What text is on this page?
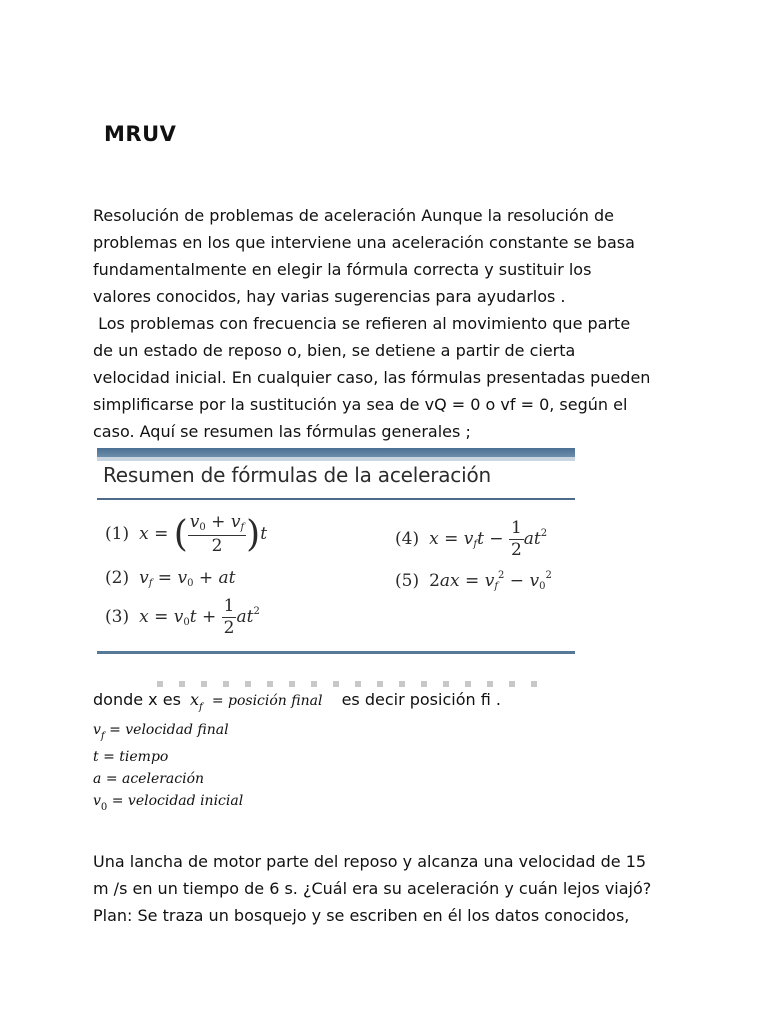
MRUV
Resolución de problemas de aceleración Aunque la resolución de
problemas en los que interviene una aceleración constante se basa
fundamentalmente en elegir la fórmula correcta y sustituir los
valores conocidos, hay varias sugerencias para ayudarlos .
Los problemas con frecuencia se refieren al movimiento que parte
de un estado de reposo o, bien, se detiene a partir de cierta
velocidad inicial. En cualquier caso, las fórmulas presentadas pueden
simplificarse por la sustitución ya sea de vQ = 0 o vf = 0, según el
caso. Aquí se resumen las fórmulas generales ;
Resumen de fórmulas de la aceleración
(1) x = ( $\frac{v_0 + v_f}{2} )t$
(2) $v_f = v_0$ + at
(3) $x = v_0t + \frac{1}{2} at^2$
(4) $x = v_ft - \frac{1}{2} at^2$
(5) $2ax = v_f^2 - v_0^2$
donde x es $x_f$ = posición final es decir posición fi .
$v_f$ = velocidad final
t = tiempo
a = aceleración
$v_0$ = velocidad inicial
Una lancha de motor parte del reposo y alcanza una velocidad de 15
m /s en un tiempo de 6 s. ¿Cuál era su aceleración y cuán lejos viajó?
Plan: Se traza un bosquejo y se escriben en él los datos conocidos,
